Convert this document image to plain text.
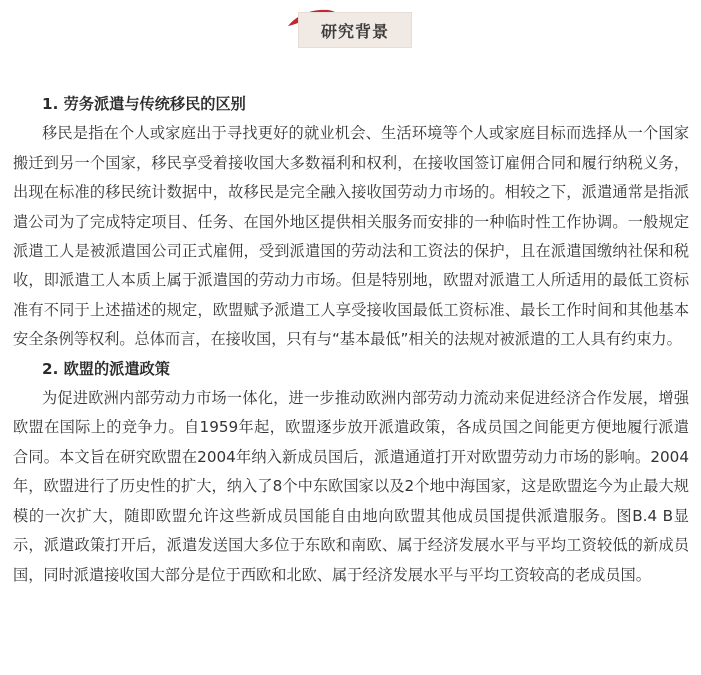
研究背景
1. 劳务派遣与传统移民的区别

移民是指在个人或家庭出于寻找更好的就业机会、生活环境等个人或家庭目标而选择从一个国家搬迁到另一个国家，移民享受着接收国大多数福利和权利，在接收国签订雇佣合同和履行纳税义务，出现在标准的移民统计数据中，故移民是完全融入接收国劳动力市场的。相较之下，派遣通常是指派遣公司为了完成特定项目、任务、在国外地区提供相关服务而安排的一种临时性工作协调。一般规定派遣工人是被派遣国公司正式雇佣，受到派遣国的劳动法和工资法的保护，且在派遣国缴纳社保和税收，即派遣工人本质上属于派遣国的劳动力市场。但是特别地，欧盟对派遣工人所适用的最低工资标准有不同于上述描述的规定，欧盟赋予派遣工人享受接收国最低工资标准、最长工作时间和其他基本安全条例等权利。总体而言，在接收国，只有与“基本最低”相关的法规对被派遣的工人具有约束力。

2. 欧盟的派遣政策

为促进欧洲内部劳动力市场一体化，进一步推动欧洲内部劳动力流动来促进经济合作发展，增强欧盟在国际上的竞争力。自1959年起，欧盟逐步放开派遣政策，各成员国之间能更方便地履行派遣合同。本文旨在研究欧盟在2004年纳入新成员国后，派遣通道打开对欧盟劳动力市场的影响。2004年，欧盟进行了历史性的扩大，纳入了8个中东欧国家以及2个地中海国家，这是欧盟迄今为止最大规模的一次扩大，随即欧盟允许这些新成员国能自由地向欧盟其他成员国提供派遣服务。图B.4 B显示，派遣政策打开后，派遣发送国大多位于东欧和南欧、属于经济发展水平与平均工资较低的新成员国，同时派遣接收国大部分是位于西欧和北欧、属于经济发展水平与平均工资较高的老成员国。
